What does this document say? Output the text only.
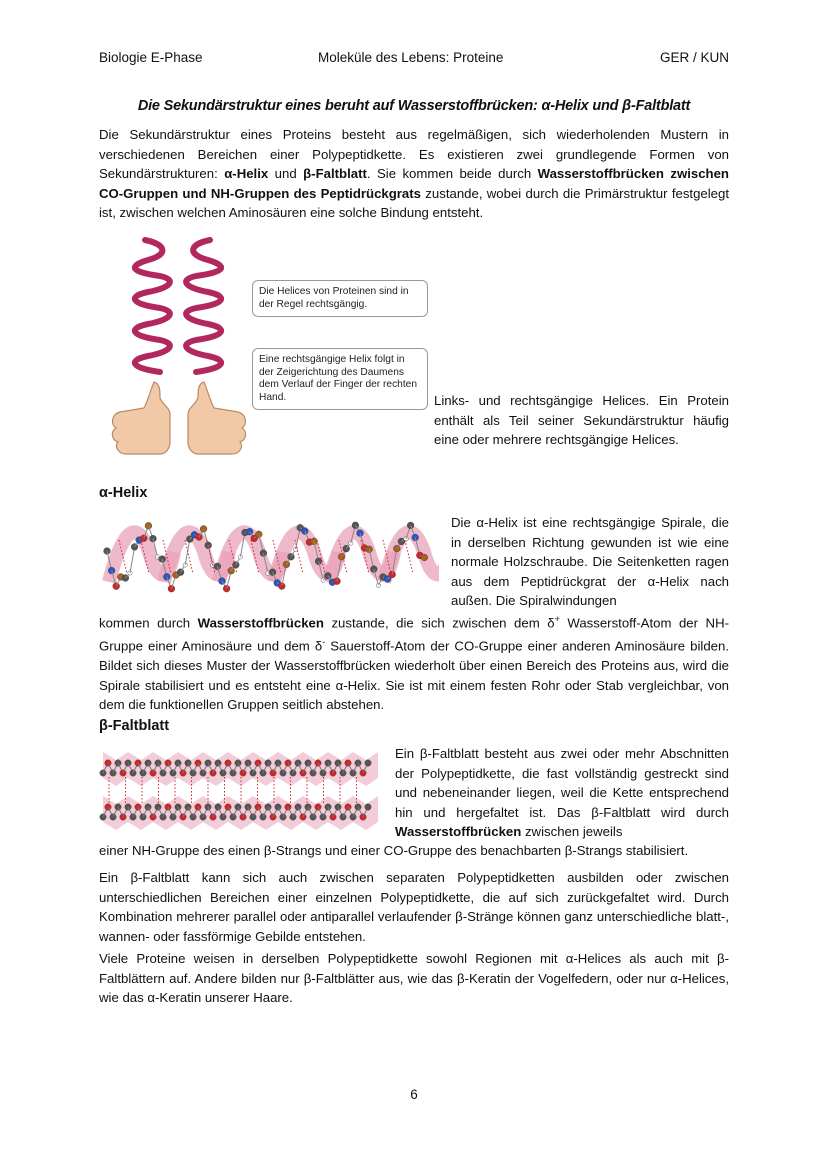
Biologie E-Phase	Moleküle des Lebens: Proteine	GER / KUN
Die Sekundärstruktur eines beruht auf Wasserstoffbrücken: α-Helix und β-Faltblatt
Die Sekundärstruktur eines Proteins besteht aus regelmäßigen, sich wiederholenden Mustern in verschiedenen Bereichen einer Polypeptidkette. Es existieren zwei grundlegende Formen von Sekundärstrukturen: α-Helix und β-Faltblatt. Sie kommen beide durch Wasserstoffbrücken zwischen CO-Gruppen und NH-Gruppen des Peptidrückgrats zustande, wobei durch die Primärstruktur festgelegt ist, zwischen welchen Aminosäuren eine solche Bindung entsteht.
Die Helices von Proteinen sind in der Regel rechtsgängig.
Eine rechtsgängige Helix folgt in der Zeigerichtung des Daumens dem Verlauf der Finger der rechten Hand.	Links- und rechtsgängige Helices. Ein Protein enthält als Teil seiner Sekundärstruktur häufig eine oder mehrere rechtsgängige Helices.
α-Helix
Die α-Helix ist eine rechtsgängige Spirale, die in derselben Richtung gewunden ist wie eine normale Holzschraube. Die Seitenketten ragen aus dem Peptidrückgrat der α-Helix nach außen. Die Spiralwindungen
kommen durch Wasserstoffbrücken zustande, die sich zwischen dem δ+ Wasserstoff-Atom der NH-Gruppe einer Aminosäure und dem δ- Sauerstoff-Atom der CO-Gruppe einer anderen Aminosäure bilden. Bildet sich dieses Muster der Wasserstoffbrücken wiederholt über einen Bereich des Proteins aus, wird die Spirale stabilisiert und es entsteht eine α-Helix. Sie ist mit einem festen Rohr oder Stab vergleichbar, von dem die funktionellen Gruppen seitlich abstehen.
β-Faltblatt
Ein β-Faltblatt besteht aus zwei oder mehr Abschnitten der Polypeptidkette, die fast vollständig gestreckt sind und nebeneinander liegen, weil die Kette entsprechend hin und hergefaltet ist. Das β-Faltblatt wird durch Wasserstoffbrücken zwischen jeweils
einer NH-Gruppe des einen β-Strangs und einer CO-Gruppe des benachbarten β-Strangs stabilisiert.
Ein β-Faltblatt kann sich auch zwischen separaten Polypeptidketten ausbilden oder zwischen unterschiedlichen Bereichen einer einzelnen Polypeptidkette, die auf sich zurückgefaltet wird. Durch Kombination mehrerer parallel oder antiparallel verlaufender β-Stränge können ganz unterschiedliche blatt-, wannen- oder fassförmige Gebilde entstehen.
Viele Proteine weisen in derselben Polypeptidkette sowohl Regionen mit α-Helices als auch mit β-Faltblättern auf. Andere bilden nur β-Faltblätter aus, wie das β-Keratin der Vogelfedern, oder nur α-Helices, wie das α-Keratin unserer Haare.
6
